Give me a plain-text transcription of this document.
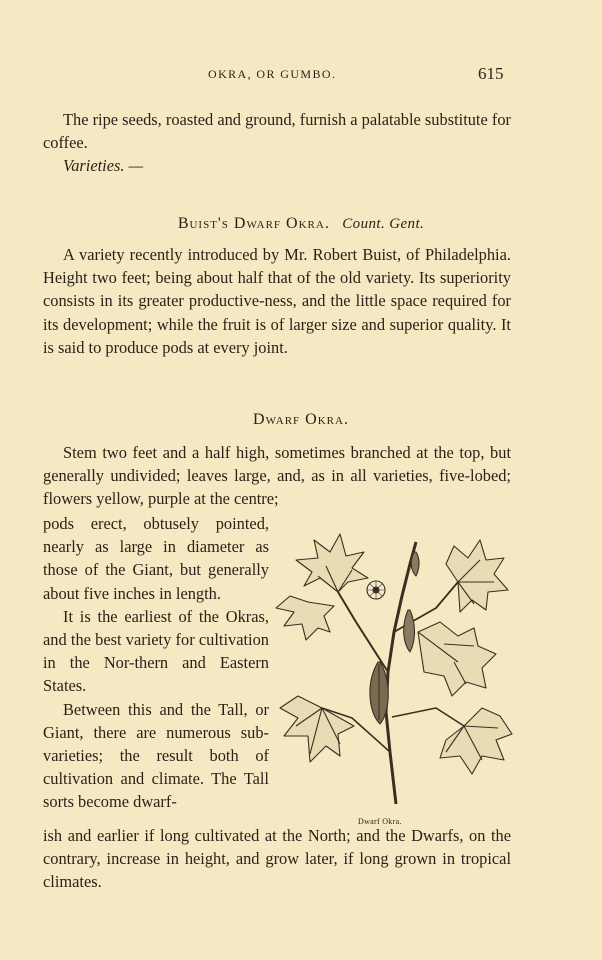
OKRA, OR GUMBO.	615

The ripe seeds, roasted and ground, furnish a palatable substitute for coffee.

Varieties. —

Buist's Dwarf Okra. Count. Gent.

A variety recently introduced by Mr. Robert Buist, of Philadelphia. Height two feet; being about half that of the old variety. Its superiority consists in its greater productive-ness, and the little space required for its development; while the fruit is of larger size and superior quality. It is said to produce pods at every joint.

Dwarf Okra.

Stem two feet and a half high, sometimes branched at the top, but generally undivided; leaves large, and, as in all varieties, five-lobed; flowers yellow, purple at the centre;

pods erect, obtusely pointed, nearly as large in diameter as those of the Giant, but generally about five inches in length.

It is the earliest of the Okras, and the best variety for cultivation in the Nor-thern and Eastern States.

Between this and the Tall, or Giant, there are numerous sub-varieties; the result both of cultivation and climate. The Tall sorts become dwarf-

Dwarf Okra.

ish and earlier if long cultivated at the North; and the Dwarfs, on the contrary, increase in height, and grow later, if long grown in tropical climates.
